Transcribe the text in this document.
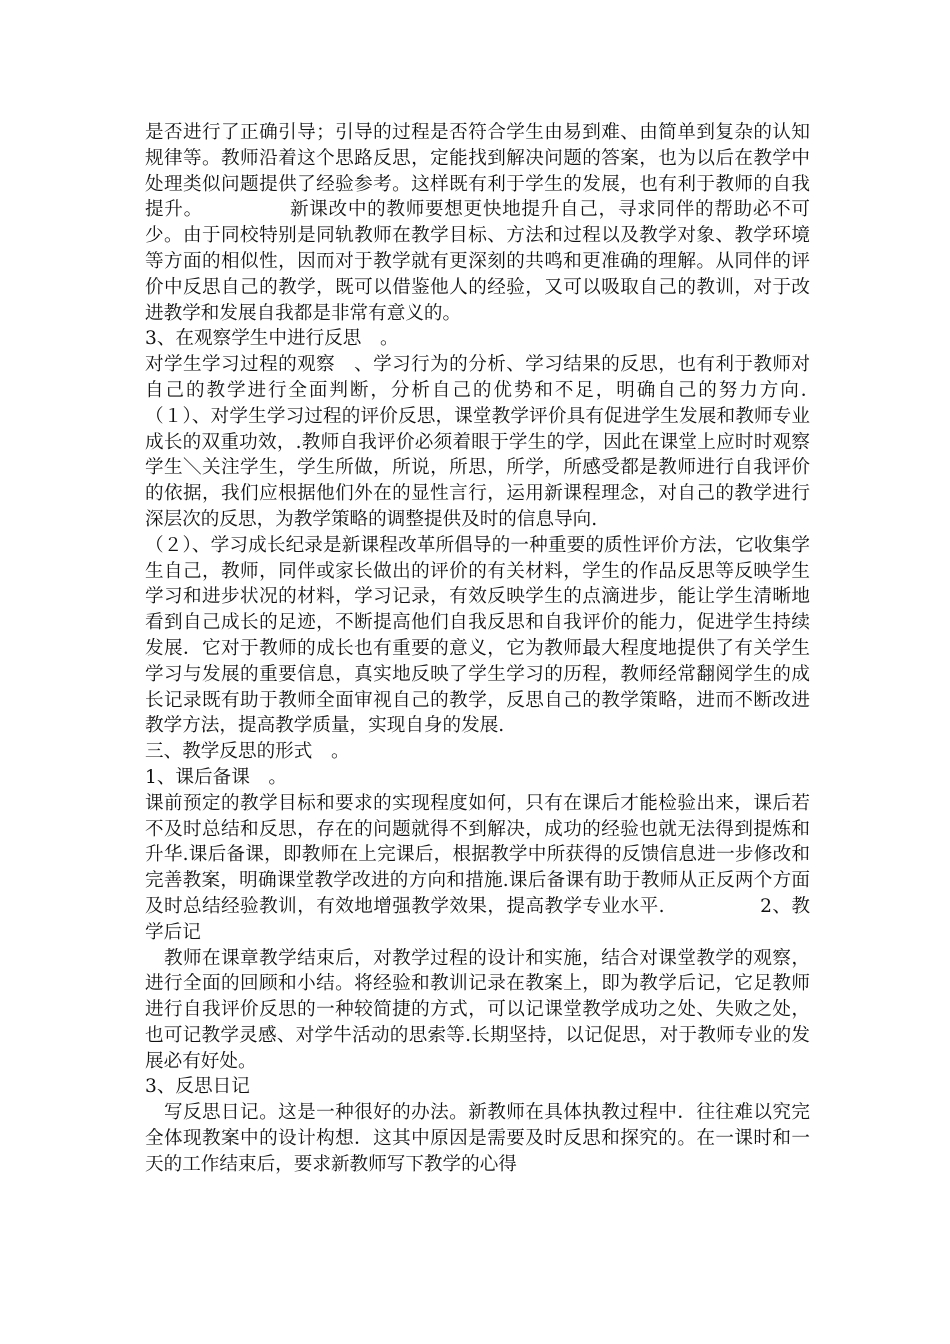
是否进行了正确引导；引导的过程是否符合学生由易到难、由简单到复杂的认知规律等。教师沿着这个思路反思，定能找到解决问题的答案，也为以后在教学中处理类似问题提供了经验参考。这样既有利于学生的发展，也有利于教师的自我提升。　　　　　新课改中的教师要想更快地提升自己，寻求同伴的帮助必不可少。由于同校特别是同轨教师在教学目标、方法和过程以及教学对象、教学环境等方面的相似性，因而对于教学就有更深刻的共鸣和更准确的理解。从同伴的评价中反思自己的教学，既可以借鉴他人的经验，又可以吸取自己的教训，对于改进教学和发展自我都是非常有意义的。

3、在观察学生中进行反思　。

对学生学习过程的观察　、学习行为的分析、学习结果的反思，也有利于教师对自己的教学进行全面判断，分析自己的优势和不足，明确自己的努力方向．　（１）、对学生学习过程的评价反思，课堂教学评价具有促进学生发展和教师专业成长的双重功效，.教师自我评价必须着眼于学生的学，因此在课堂上应时时观察学生＼关注学生，学生所做，所说，所思，所学，所感受都是教师进行自我评价的依据，我们应根据他们外在的显性言行，运用新课程理念，对自己的教学进行深层次的反思，为教学策略的调整提供及时的信息导向.

（２）、学习成长纪录是新课程改革所倡导的一种重要的质性评价方法，它收集学生自己，教师，同伴或家长做出的评价的有关材料，学生的作品反思等反映学生学习和进步状况的材料，学习记录，有效反映学生的点滴进步，能让学生清晰地看到自己成长的足迹，不断提高他们自我反思和自我评价的能力，促进学生持续发展．它对于教师的成长也有重要的意义，它为教师最大程度地提供了有关学生学习与发展的重要信息，真实地反映了学生学习的历程，教师经常翻阅学生的成长记录既有助于教师全面审视自己的教学，反思自己的教学策略，进而不断改进教学方法，提高教学质量，实现自身的发展.

三、教学反思的形式　。

1、课后备课　。

课前预定的教学目标和要求的实现程度如何，只有在课后才能检验出来，课后若不及时总结和反思，存在的问题就得不到解决，成功的经验也就无法得到提炼和升华.课后备课，即教师在上完课后，根据教学中所获得的反馈信息进一步修改和完善教案，明确课堂教学改进的方向和措施.课后备课有助于教师从正反两个方面及时总结经验教训，有效地增强教学效果，提高教学专业水平.　　　　　2、教学后记

　教师在课章教学结束后，对教学过程的设计和实施，结合对课堂教学的观察，进行全面的回顾和小结。将经验和教训记录在教案上，即为教学后记，它足教师进行自我评价反思的一种较简捷的方式，可以记课堂教学成功之处、失败之处，也可记教学灵感、对学牛活动的思索等.长期坚持，以记促思，对于教师专业的发展必有好处。

3、反思日记

　写反思日记。这是一种很好的办法。新教师在具体执教过程中．往往难以究完全体现教案中的设计构想．这其中原因是需要及时反思和探究的。在一课时和一天的工作结束后，要求新教师写下教学的心得
